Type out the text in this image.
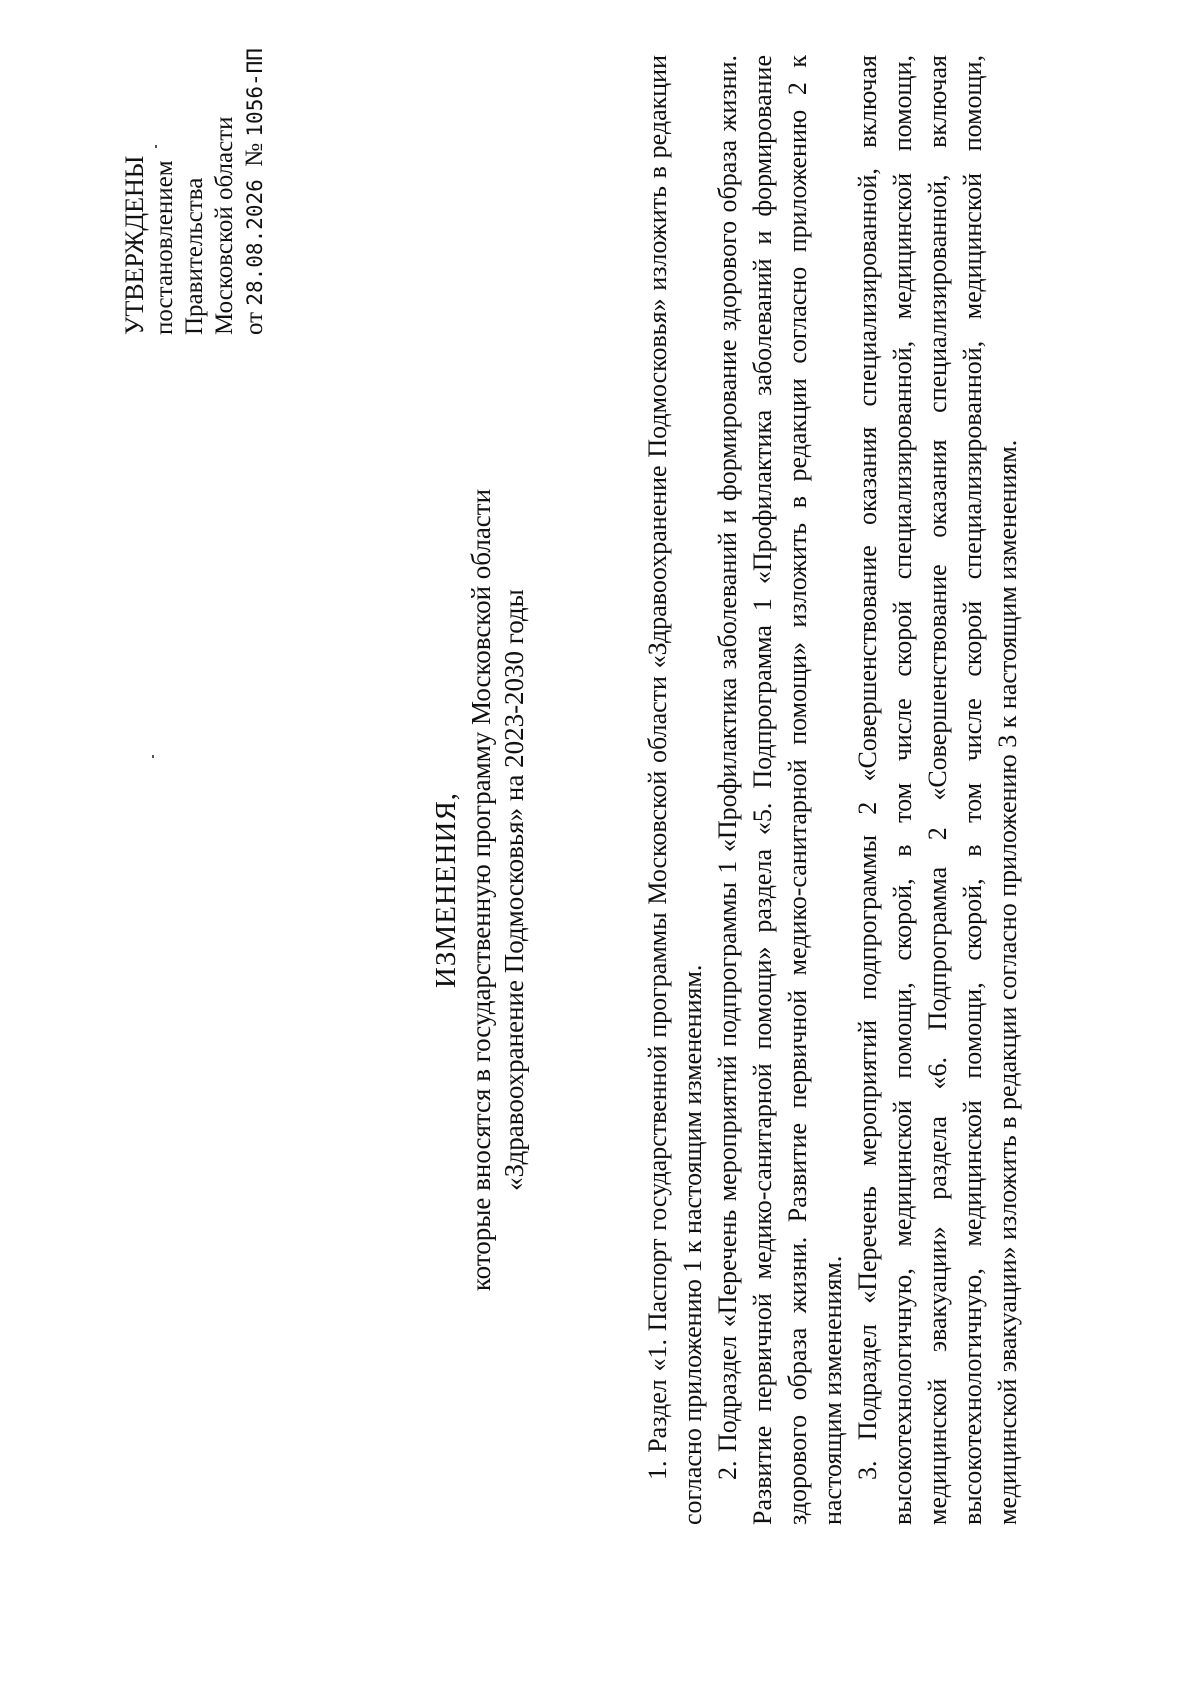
УТВЕРЖДЕНЫ постановлением Правительства Московской области от 28.08.2026  № 1056-ПП
ИЗМЕНЕНИЯ, которые вносятся в государственную программу Московской области «Здравоохранение Подмосковья» на 2023-2030 годы	1. Раздел «1. Паспорт государственной программы Московской области «Здравоохранение Подмосковья» изложить в редакции согласно приложению 1 к настоящим изменениям. 2. Подраздел «Перечень мероприятий подпрограммы 1 «Профилактика заболеваний и формирование здорового образа жизни. Развитие первичной медико-санитарной помощи» раздела «5. Подпрограмма 1 «Профилактика заболеваний и формирование здорового образа жизни. Развитие первичной медико-санитарной помощи» изложить в редакции согласно приложению 2 к настоящим изменениям. 3. Подраздел «Перечень мероприятий подпрограммы 2 «Совершенствование оказания специализированной, включая высокотехнологичную, медицинской помощи, скорой, в том числе скорой специализированной, медицинской помощи, медицинской эвакуации» раздела «6. Подпрограмма 2 «Совершенствование оказания специализированной, включая высокотехнологичную, медицинской помощи, скорой, в том числе скорой специализированной, медицинской помощи, медицинской эвакуации» изложить в редакции согласно приложению 3 к настоящим изменениям.
